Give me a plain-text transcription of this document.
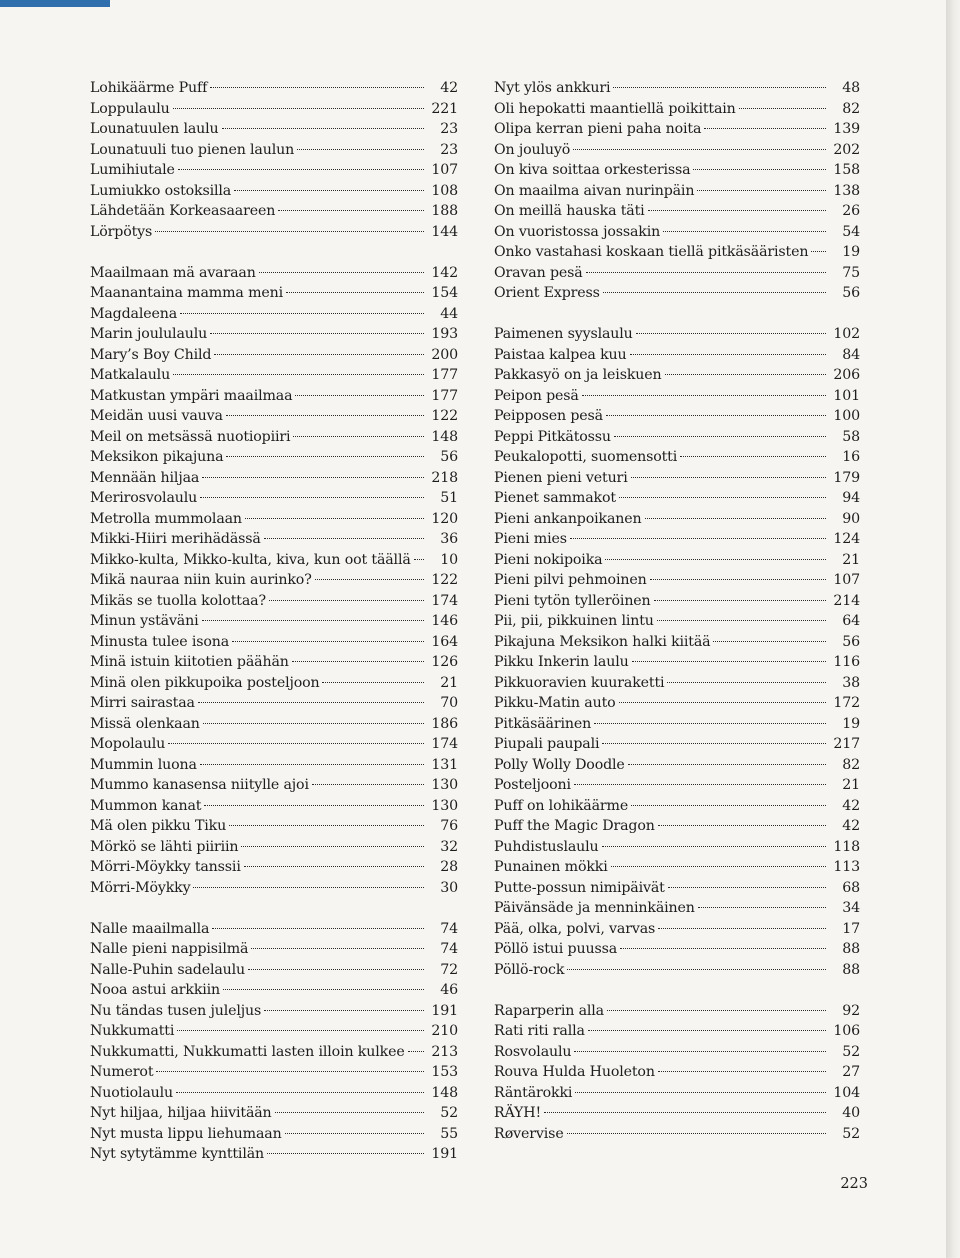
Lohikäärme Puff	42
Loppulaulu	221
Lounatuulen laulu	23
Lounatuuli tuo pienen laulun	23
Lumihiutale	107
Lumiukko ostoksilla	108
Lähdetään Korkeasaareen	188
Lörpötys	144
Maailmaan mä avaraan	142
Maanantaina mamma meni	154
Magdaleena	44
Marin joululaulu	193
Mary’s Boy Child	200
Matkalaulu	177
Matkustan ympäri maailmaa	177
Meidän uusi vauva	122
Meil on metsässä nuotiopiiri	148
Meksikon pikajuna	56
Mennään hiljaa	218
Merirosvolaulu	51
Metrolla mummolaan	120
Mikki-Hiiri merihädässä	36
Mikko-kulta, Mikko-kulta, kiva, kun oot täällä	10
Mikä nauraa niin kuin aurinko?	122
Mikäs se tuolla kolottaa?	174
Minun ystäväni	146
Minusta tulee isona	164
Minä istuin kiitotien päähän	126
Minä olen pikkupoika posteljoon	21
Mirri sairastaa	70
Missä olenkaan	186
Mopolaulu	174
Mummin luona	131
Mummo kanasensa niitylle ajoi	130
Mummon kanat	130
Mä olen pikku Tiku	76
Mörkö se lähti piiriin	32
Mörri-Möykky tanssii	28
Mörri-Möykky	30
Nalle maailmalla	74
Nalle pieni nappisilmä	74
Nalle-Puhin sadelaulu	72
Nooa astui arkkiin	46
Nu tändas tusen juleljus	191
Nukkumatti	210
Nukkumatti, Nukkumatti lasten illoin kulkee 213
Numerot	153
Nuotiolaulu	148
Nyt hiljaa, hiljaa hiivitään	52
Nyt musta lippu liehumaan	55
Nyt sytytämme kynttilän	191
Nyt ylös ankkuri	48
Oli hepokatti maantiellä poikittain	82
Olipa kerran pieni paha noita	139
On jouluyö	202
On kiva soittaa orkesterissa	158
On maailma aivan nurinpäin	138
On meillä hauska täti	26
On vuoristossa jossakin	54
Onko vastahasi koskaan tiellä pitkäsääristen	19
Oravan pesä	75
Orient Express	56
Paimenen syyslaulu	102
Paistaa kalpea kuu	84
Pakkasyö on ja leiskuen	206
Peipon pesä	101
Peipposen pesä	100
Peppi Pitkätossu	58
Peukalopotti, suomensotti	16
Pienen pieni veturi	179
Pienet sammakot	94
Pieni ankanpoikanen	90
Pieni mies	124
Pieni nokipoika	21
Pieni pilvi pehmoinen	107
Pieni tytön tylleröinen	214
Pii, pii, pikkuinen lintu	64
Pikajuna Meksikon halki kiitää	56
Pikku Inkerin laulu	116
Pikkuoravien kuuraketti	38
Pikku-Matin auto	172
Pitkäsäärinen	19
Piupali paupali	217
Polly Wolly Doodle	82
Posteljooni	21
Puff on lohikäärme	42
Puff the Magic Dragon	42
Puhdistuslaulu	118
Punainen mökki	113
Putte-possun nimipäivät	68
Päivänsäde ja menninkäinen	34
Pää, olka, polvi, varvas	17
Pöllö istui puussa	88
Pöllö-rock	88
Raparperin alla	92
Rati riti ralla	106
Rosvolaulu	52
Rouva Hulda Huoleton	27
Räntärokki	104
RÄYH!	40
Røvervise	52
223
